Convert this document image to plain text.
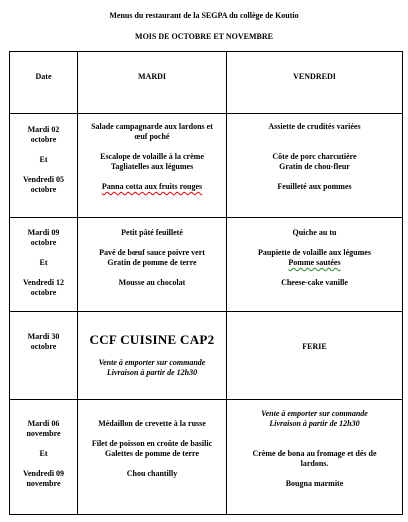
Menus du restaurant de la SEGPA du collège de Koutio
MOIS DE OCTOBRE ET NOVEMBRE
Date	MARDI	VENDREDI

Mardi 02
octobre
Et
Vendredi 05
octobre	Salade campagnarde aux lardons et
œuf poché
Escalope de volaille à la crème
Tagliatelles aux légumes
Panna cotta aux fruits rouges	Assiette de crudités variées
Côte de porc charcutière
Gratin de chou-fleur
Feuilleté aux pommes

Mardi 09
octobre
Et
Vendredi 12
octobre	Petit pâté feuilleté
Pavé de bœuf sauce poivre vert
Gratin de pomme de terre
Mousse au chocolat	Quiche au tu
Paupiette de volaille aux légumes
Pomme sautées
Cheese-cake vanille

Mardi 30
octobre	CCF CUISINE CAP2
Vente à emporter sur commande
Livraison à partir de 12h30	FERIE

Mardi 06
novembre
Et
Vendredi 09
novembre	Médaillon de crevette à la russe
Filet de poisson en croûte de basilic
Galettes de pomme de terre
Chou chantilly	Vente à emporter sur commande
Livraison à partir de 12h30
Crème de bona au fromage et dés de
lardons.
Bougna marmite
